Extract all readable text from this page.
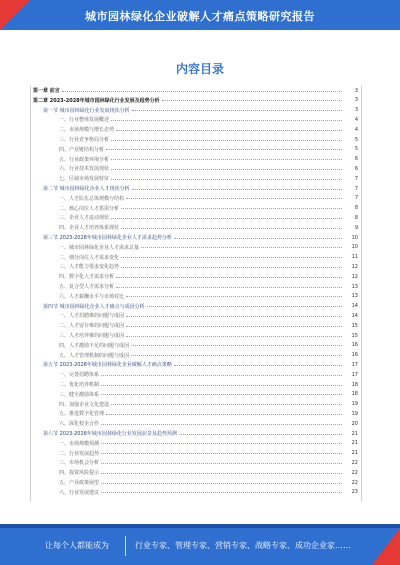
城市园林绿化企业破解人才痛点策略研究报告
内容目录
第一章 前言	3
第二章 2023-2028年城市园林绿化行业发展及趋势分析	3
第一节 城市园林绿化行业发展现状分析	3
一、行业整体发展概述	4
二、市场规模与增长态势	4
三、行业竞争格局分析	5
四、产业链结构分析	5
五、行业政策环境分析	6
六、行业技术发展现状	6
七、区域市场发展特征	7
第二节 城市园林绿化企业人才现状分析	7
一、人才队伍总体规模与结构	7
二、核心岗位人才供需分析	8
三、企业人才流动现状	8
四、企业人才培养体系现状	9
第三节 2023-2028年城市园林绿化企业人才需求趋势分析	10
一、城市园林绿化企业人才需求总量	10
二、细分岗位人才需求变化	11
三、人才能力要求变化趋势	12
四、数字化人才需求分析	12
五、复合型人才需求分析	13
六、人才薪酬水平与市场对比	13
第四节 城市园林绿化企业人才痛点与成因分析	14
一、人才招聘难的问题与成因	14
二、人才留存难的问题与成因	15
三、人才培养难的问题与成因	15
四、人才激励不足的问题与成因	16
五、人才管理机制的问题与成因	16
第五节 2023-2028年城市园林绿化企业破解人才痛点策略	17
一、完善招聘体系	17
二、优化培养机制	18
三、健全激励体系	18
四、加强企业文化建设	19
五、推进数字化管理	19
六、深化校企合作	20
第六节 2023-2028年城市园林绿化行业发展前景及趋势预测	21
一、市场规模预测	21
二、行业发展趋势	21
三、市场机会分析	22
四、投资风险提示	22
五、产业政策展望	22
六、行业发展建议	23
让每个人都能成为	行业专家、管理专家、营销专家、战略专家、成功企业家……
